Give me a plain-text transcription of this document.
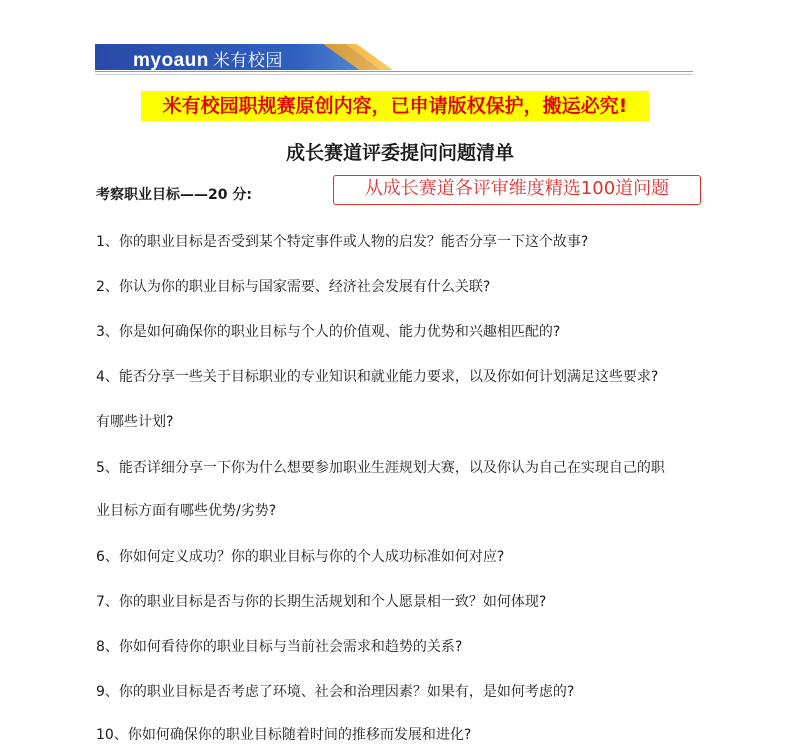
myoaun 米有校园
米有校园职规赛原创内容，已申请版权保护，搬运必究!
成长赛道评委提问问题清单
考察职业目标——20 分:	从成长赛道各评审维度精选100道问题
1、你的职业目标是否受到某个特定事件或人物的启发？能否分享一下这个故事?
2、你认为你的职业目标与国家需要、经济社会发展有什么关联?
3、你是如何确保你的职业目标与个人的价值观、能力优势和兴趣相匹配的?
4、能否分享一些关于目标职业的专业知识和就业能力要求，以及你如何计划满足这些要求?
有哪些计划?
5、能否详细分享一下你为什么想要参加职业生涯规划大赛，以及你认为自己在实现自己的职
业目标方面有哪些优势/劣势?
6、你如何定义成功？你的职业目标与你的个人成功标准如何对应?
7、你的职业目标是否与你的长期生活规划和个人愿景相一致？如何体现?
8、你如何看待你的职业目标与当前社会需求和趋势的关系?
9、你的职业目标是否考虑了环境、社会和治理因素？如果有，是如何考虑的?
10、你如何确保你的职业目标随着时间的推移而发展和进化?
